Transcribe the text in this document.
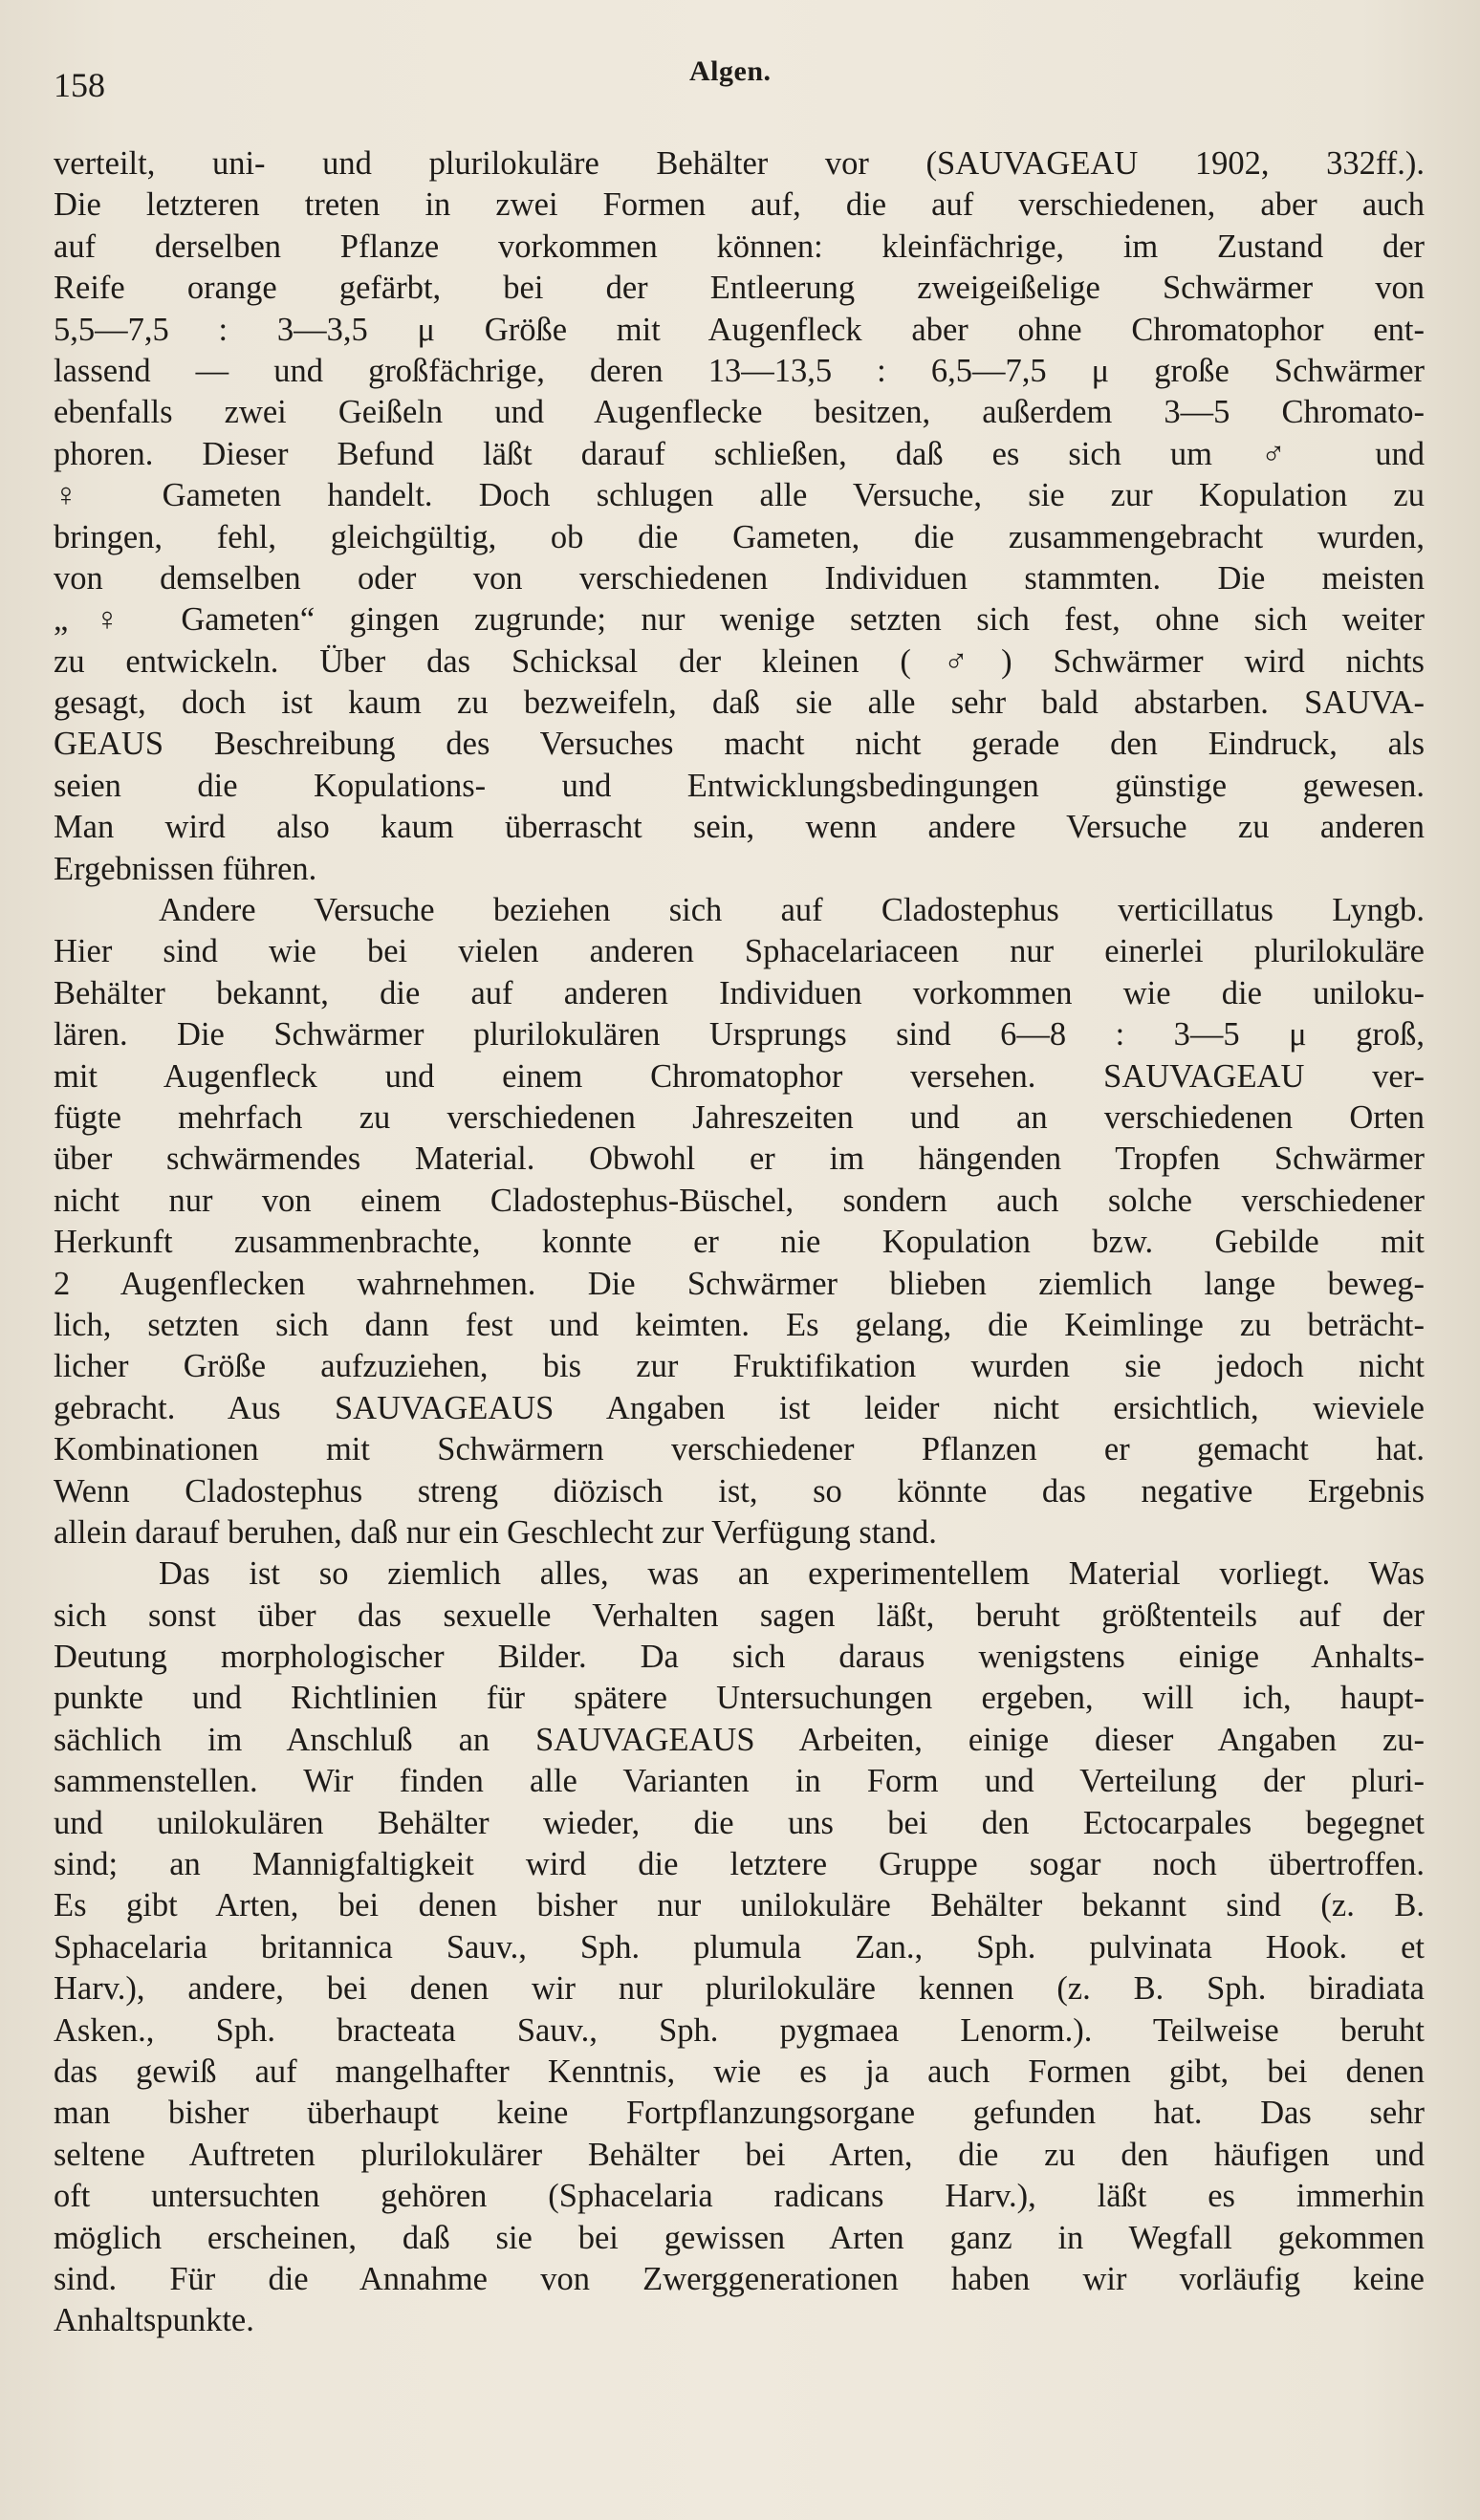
158	Algen.
verteilt, uni- und plurilokuläre Behälter vor (SAUVAGEAU 1902, 332ff.).
Die letzteren treten in zwei Formen auf, die auf verschiedenen, aber auch
auf derselben Pflanze vorkommen können: kleinfächrige, im Zustand der
Reife orange gefärbt, bei der Entleerung zweigeißelige Schwärmer von
5,5—7,5 : 3—3,5 μ Größe mit Augenfleck aber ohne Chromatophor ent-
lassend — und großfächrige, deren 13—13,5 : 6,5—7,5 μ große Schwärmer
ebenfalls zwei Geißeln und Augenflecke besitzen, außerdem 3—5 Chromato-
phoren. Dieser Befund läßt darauf schließen, daß es sich um ♂ und
♀ Gameten handelt. Doch schlugen alle Versuche, sie zur Kopulation zu
bringen, fehl, gleichgültig, ob die Gameten, die zusammengebracht wurden,
von demselben oder von verschiedenen Individuen stammten. Die meisten
„♀ Gameten“ gingen zugrunde; nur wenige setzten sich fest, ohne sich weiter
zu entwickeln. Über das Schicksal der kleinen (♂) Schwärmer wird nichts
gesagt, doch ist kaum zu bezweifeln, daß sie alle sehr bald abstarben. SAUVA-
GEAUS Beschreibung des Versuches macht nicht gerade den Eindruck, als
seien die Kopulations- und Entwicklungsbedingungen günstige gewesen.
Man wird also kaum überrascht sein, wenn andere Versuche zu anderen
Ergebnissen führen.
Andere Versuche beziehen sich auf Cladostephus verticillatus Lyngb.
Hier sind wie bei vielen anderen Sphacelariaceen nur einerlei plurilokuläre
Behälter bekannt, die auf anderen Individuen vorkommen wie die uniloku-
lären. Die Schwärmer plurilokulären Ursprungs sind 6—8 : 3—5 μ groß,
mit Augenfleck und einem Chromatophor versehen. SAUVAGEAU ver-
fügte mehrfach zu verschiedenen Jahreszeiten und an verschiedenen Orten
über schwärmendes Material. Obwohl er im hängenden Tropfen Schwärmer
nicht nur von einem Cladostephus-Büschel, sondern auch solche verschiedener
Herkunft zusammenbrachte, konnte er nie Kopulation bzw. Gebilde mit
2 Augenflecken wahrnehmen. Die Schwärmer blieben ziemlich lange beweg-
lich, setzten sich dann fest und keimten. Es gelang, die Keimlinge zu beträcht-
licher Größe aufzuziehen, bis zur Fruktifikation wurden sie jedoch nicht
gebracht. Aus SAUVAGEAUS Angaben ist leider nicht ersichtlich, wieviele
Kombinationen mit Schwärmern verschiedener Pflanzen er gemacht hat.
Wenn Cladostephus streng diözisch ist, so könnte das negative Ergebnis
allein darauf beruhen, daß nur ein Geschlecht zur Verfügung stand.
Das ist so ziemlich alles, was an experimentellem Material vorliegt. Was
sich sonst über das sexuelle Verhalten sagen läßt, beruht größtenteils auf der
Deutung morphologischer Bilder. Da sich daraus wenigstens einige Anhalts-
punkte und Richtlinien für spätere Untersuchungen ergeben, will ich, haupt-
sächlich im Anschluß an SAUVAGEAUS Arbeiten, einige dieser Angaben zu-
sammenstellen. Wir finden alle Varianten in Form und Verteilung der pluri-
und unilokulären Behälter wieder, die uns bei den Ectocarpales begegnet
sind; an Mannigfaltigkeit wird die letztere Gruppe sogar noch übertroffen.
Es gibt Arten, bei denen bisher nur unilokuläre Behälter bekannt sind (z. B.
Sphacelaria britannica Sauv., Sph. plumula Zan., Sph. pulvinata Hook. et
Harv.), andere, bei denen wir nur plurilokuläre kennen (z. B. Sph. biradiata
Asken., Sph. bracteata Sauv., Sph. pygmaea Lenorm.). Teilweise beruht
das gewiß auf mangelhafter Kenntnis, wie es ja auch Formen gibt, bei denen
man bisher überhaupt keine Fortpflanzungsorgane gefunden hat. Das sehr
seltene Auftreten plurilokulärer Behälter bei Arten, die zu den häufigen und
oft untersuchten gehören (Sphacelaria radicans Harv.), läßt es immerhin
möglich erscheinen, daß sie bei gewissen Arten ganz in Wegfall gekommen
sind. Für die Annahme von Zwerggenerationen haben wir vorläufig keine
Anhaltspunkte.
